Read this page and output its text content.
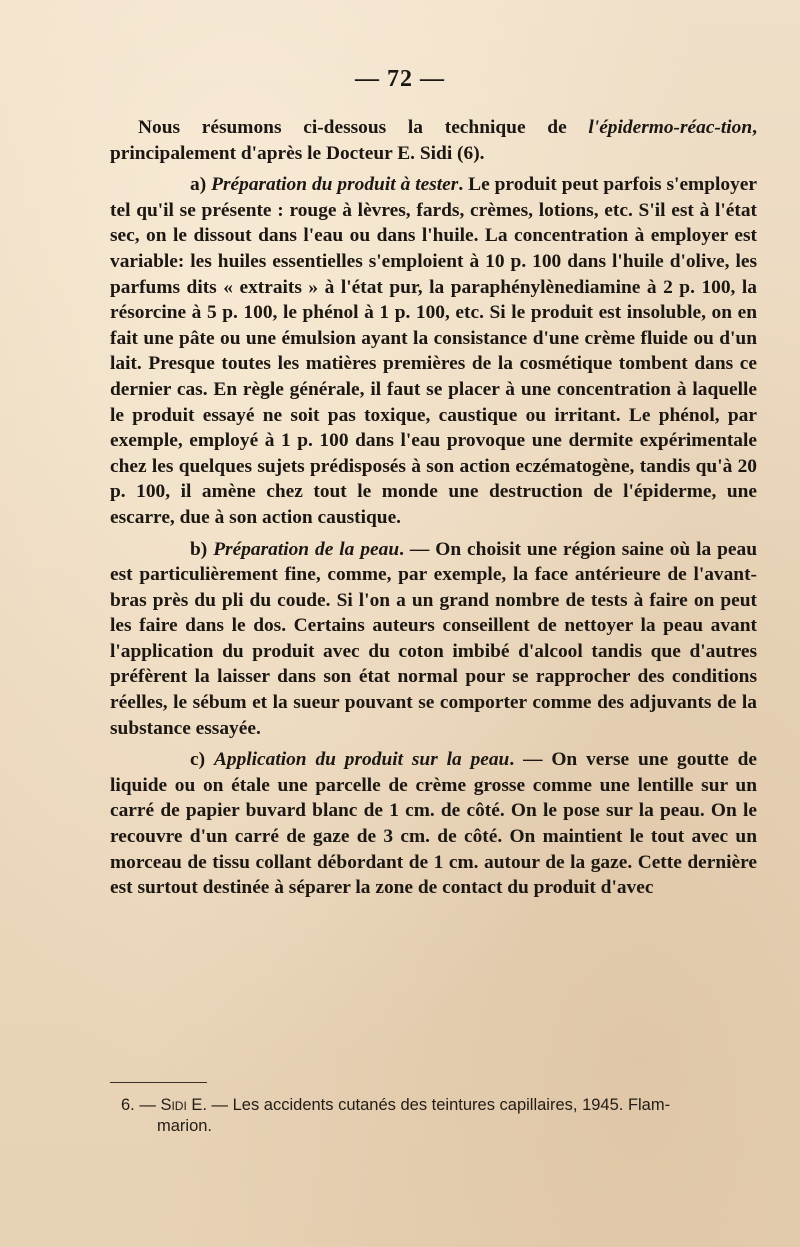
— 72 —

Nous résumons ci-dessous la technique de l'épidermo-réac-tion, principalement d'après le Docteur E. Sidi (6).

a) Préparation du produit à tester. Le produit peut parfois s'employer tel qu'il se présente : rouge à lèvres, fards, crèmes, lotions, etc. S'il est à l'état sec, on le dissout dans l'eau ou dans l'huile. La concentration à employer est variable: les huiles essentielles s'emploient à 10 p. 100 dans l'huile d'olive, les parfums dits « extraits » à l'état pur, la paraphénylènediamine à 2 p. 100, la résorcine à 5 p. 100, le phénol à 1 p. 100, etc. Si le produit est insoluble, on en fait une pâte ou une émulsion ayant la consistance d'une crème fluide ou d'un lait. Presque toutes les matières premières de la cosmétique tombent dans ce dernier cas. En règle générale, il faut se placer à une concentration à laquelle le produit essayé ne soit pas toxique, caustique ou irritant. Le phénol, par exemple, employé à 1 p. 100 dans l'eau provoque une dermite expérimentale chez les quelques sujets prédisposés à son action eczématogène, tandis qu'à 20 p. 100, il amène chez tout le monde une destruction de l'épiderme, une escarre, due à son action caustique.

b) Préparation de la peau. — On choisit une région saine où la peau est particulièrement fine, comme, par exemple, la face antérieure de l'avant-bras près du pli du coude. Si l'on a un grand nombre de tests à faire on peut les faire dans le dos. Certains auteurs conseillent de nettoyer la peau avant l'application du produit avec du coton imbibé d'alcool tandis que d'autres préfèrent la laisser dans son état normal pour se rapprocher des conditions réelles, le sébum et la sueur pouvant se comporter comme des adjuvants de la substance essayée.

c) Application du produit sur la peau. — On verse une goutte de liquide ou on étale une parcelle de crème grosse comme une lentille sur un carré de papier buvard blanc de 1 cm. de côté. On le pose sur la peau. On le recouvre d'un carré de gaze de 3 cm. de côté. On maintient le tout avec un morceau de tissu collant débordant de 1 cm. autour de la gaze. Cette dernière est surtout destinée à séparer la zone de contact du produit d'avec

6. — Sidi E. — Les accidents cutanés des teintures capillaires, 1945. Flam-
marion.
